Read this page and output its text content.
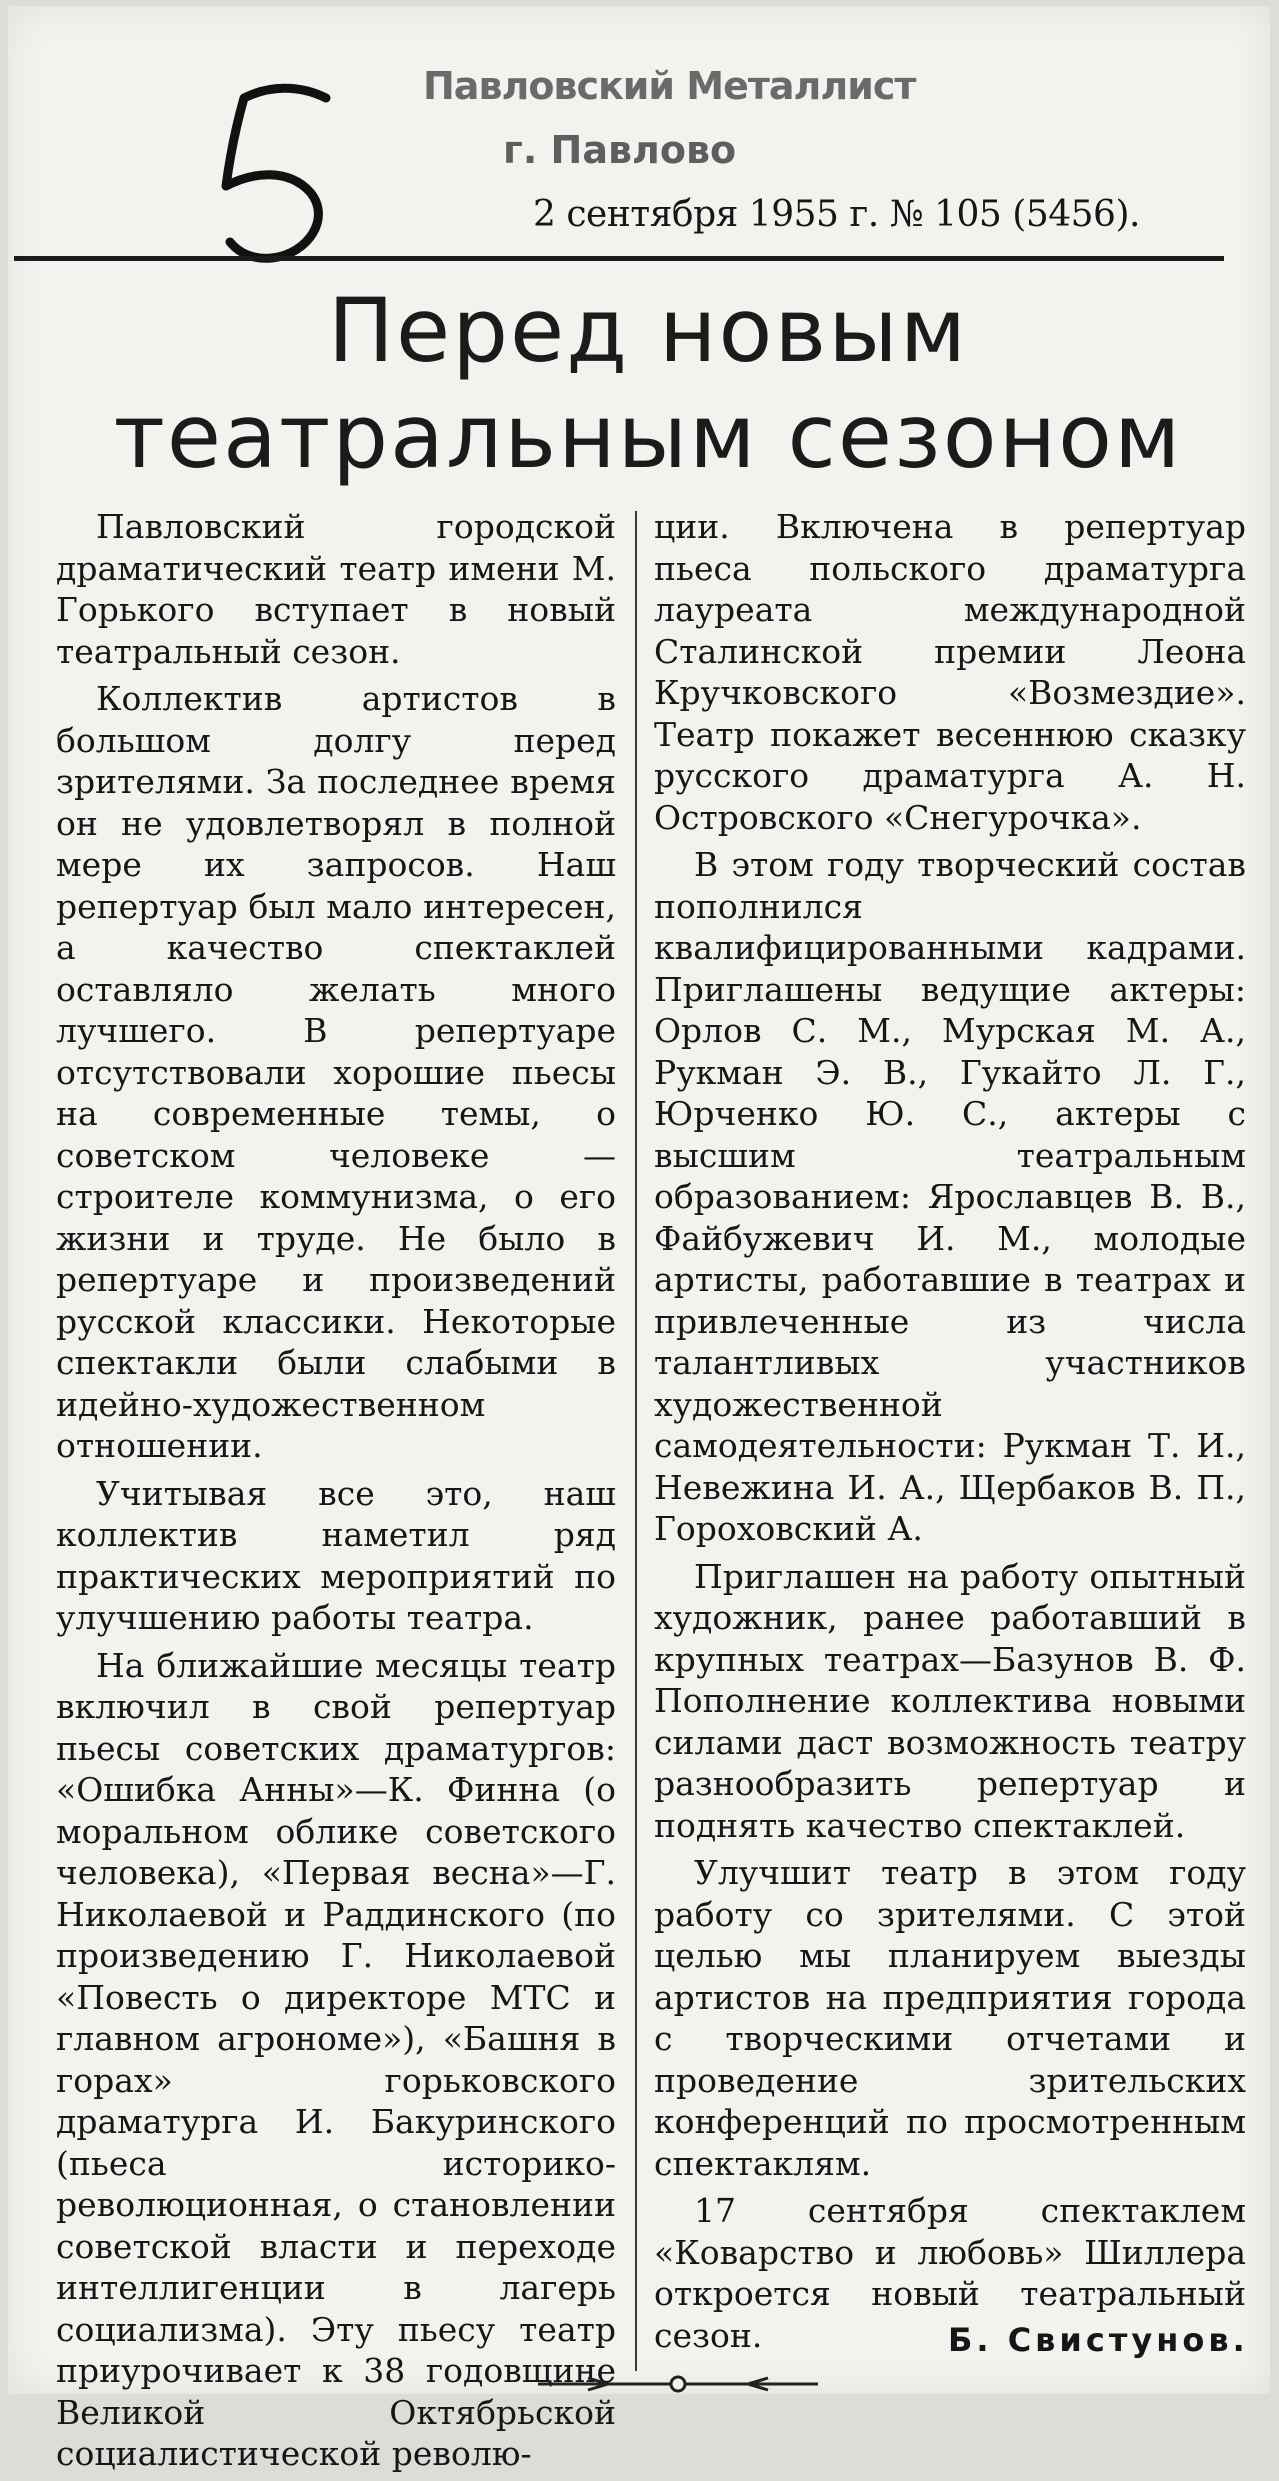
Павловский Металлист
г. Павлово
2 сентября 1955 г. № 105 (5456).
Перед новым
театральным сезоном

Павловский городской драматический театр имени М. Горького вступает в новый театральный сезон.

Коллектив артистов в большом долгу перед зрителями. За последнее время он не удовлетворял в полной мере их запросов. Наш репертуар был мало интересен, а качество спектаклей оставляло желать много лучшего. В репертуаре отсутствовали хорошие пьесы на современные темы, о советском человеке — строителе коммунизма, о его жизни и труде. Не было в репертуаре и произведений русской классики. Некоторые спектакли были слабыми в идейно-художественном отношении.

Учитывая все это, наш коллектив наметил ряд практических мероприятий по улучшению работы театра.

На ближайшие месяцы театр включил в свой репертуар пьесы советских драматургов: «Ошибка Анны»—К. Финна (о моральном облике советского человека), «Первая весна»—Г. Николаевой и Раддинского (по произведению Г. Николаевой «Повесть о директоре МТС и главном агрономе»), «Башня в горах» горьковского драматурга И. Бакуринского (пьеса историко-революционная, о становлении советской власти и переходе интеллигенции в лагерь социализма). Эту пьесу театр приурочивает к 38 годовщине Великой Октябрьской социалистической револю-

ции. Включена в репертуар пьеса польского драматурга лауреата международной Сталинской премии Леона Кручковского «Возмездие». Театр покажет весеннюю сказку русского драматурга А. Н. Островского «Снегурочка».

В этом году творческий состав пополнился квалифицированными кадрами. Приглашены ведущие актеры: Орлов С. М., Мурская М. А., Рукман Э. В., Гукайто Л. Г., Юрченко Ю. С., актеры с высшим театральным образованием: Ярославцев В. В., Файбужевич И. М., молодые артисты, работавшие в театрах и привлеченные из числа талантливых участников художественной самодеятельности: Рукман Т. И., Невежина И. А., Щербаков В. П., Гороховский А.

Приглашен на работу опытный художник, ранее работавший в крупных театрах—Базунов В. Ф. Пополнение коллектива новыми силами даст возможность театру разнообразить репертуар и поднять качество спектаклей.

Улучшит театр в этом году работу со зрителями. С этой целью мы планируем выезды артистов на предприятия города с творческими отчетами и проведение зрительских конференций по просмотренным спектаклям.

17 сентября спектаклем «Коварство и любовь» Шиллера откроется новый театральный сезон.	Б. Свистунов.
